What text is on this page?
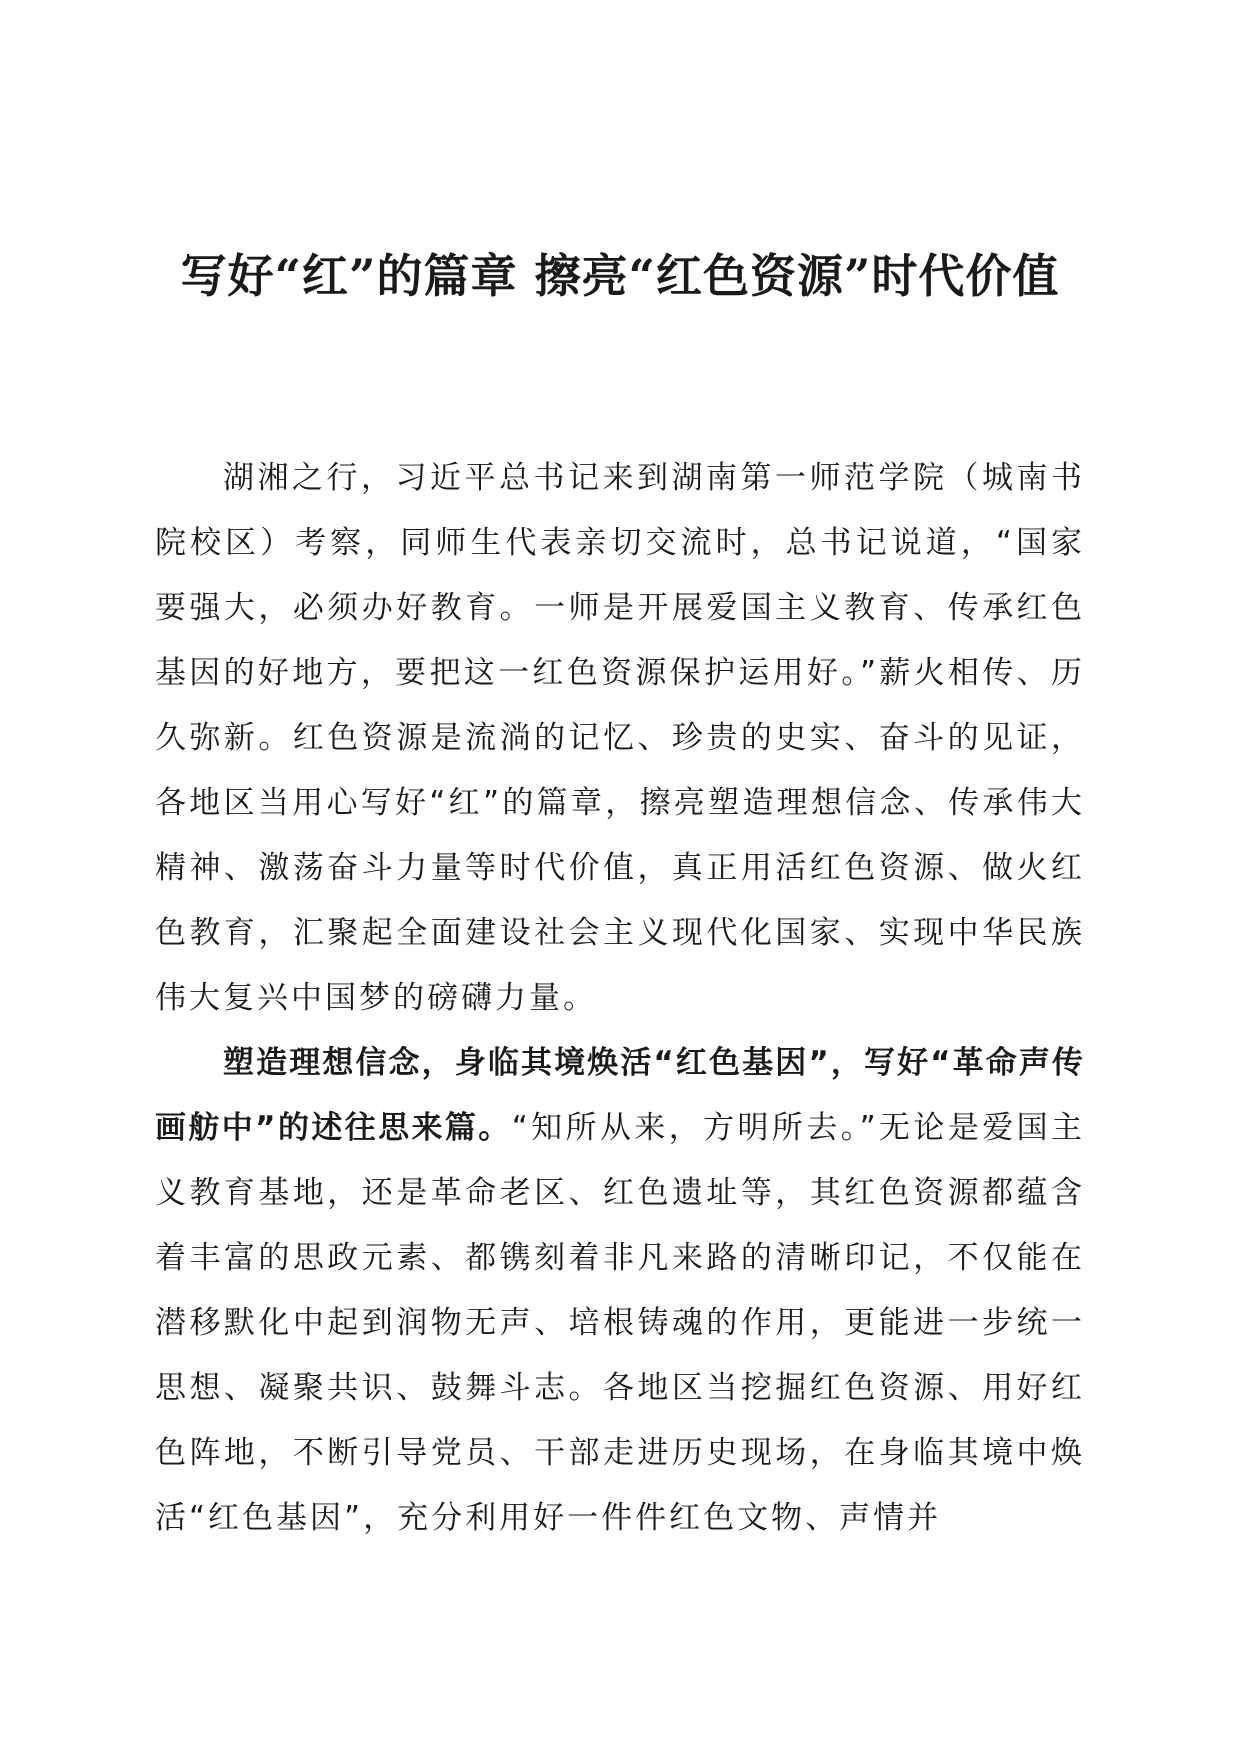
写好“红”的篇章 擦亮“红色资源”时代价值

湖湘之行，习近平总书记来到湖南第一师范学院（城南书院校区）考察，同师生代表亲切交流时，总书记说道，“国家要强大，必须办好教育。一师是开展爱国主义教育、传承红色基因的好地方，要把这一红色资源保护运用好。”薪火相传、历久弥新。红色资源是流淌的记忆、珍贵的史实、奋斗的见证，各地区当用心写好“红”的篇章，擦亮塑造理想信念、传承伟大精神、激荡奋斗力量等时代价值，真正用活红色资源、做火红色教育，汇聚起全面建设社会主义现代化国家、实现中华民族伟大复兴中国梦的磅礴力量。

塑造理想信念，身临其境焕活“红色基因”，写好“革命声传画舫中”的述往思来篇。“知所从来，方明所去。”无论是爱国主义教育基地，还是革命老区、红色遗址等，其红色资源都蕴含着丰富的思政元素、都镌刻着非凡来路的清晰印记，不仅能在潜移默化中起到润物无声、培根铸魂的作用，更能进一步统一思想、凝聚共识、鼓舞斗志。各地区当挖掘红色资源、用好红色阵地，不断引导党员、干部走进历史现场，在身临其境中焕活“红色基因”，充分利用好一件件红色文物、声情并
